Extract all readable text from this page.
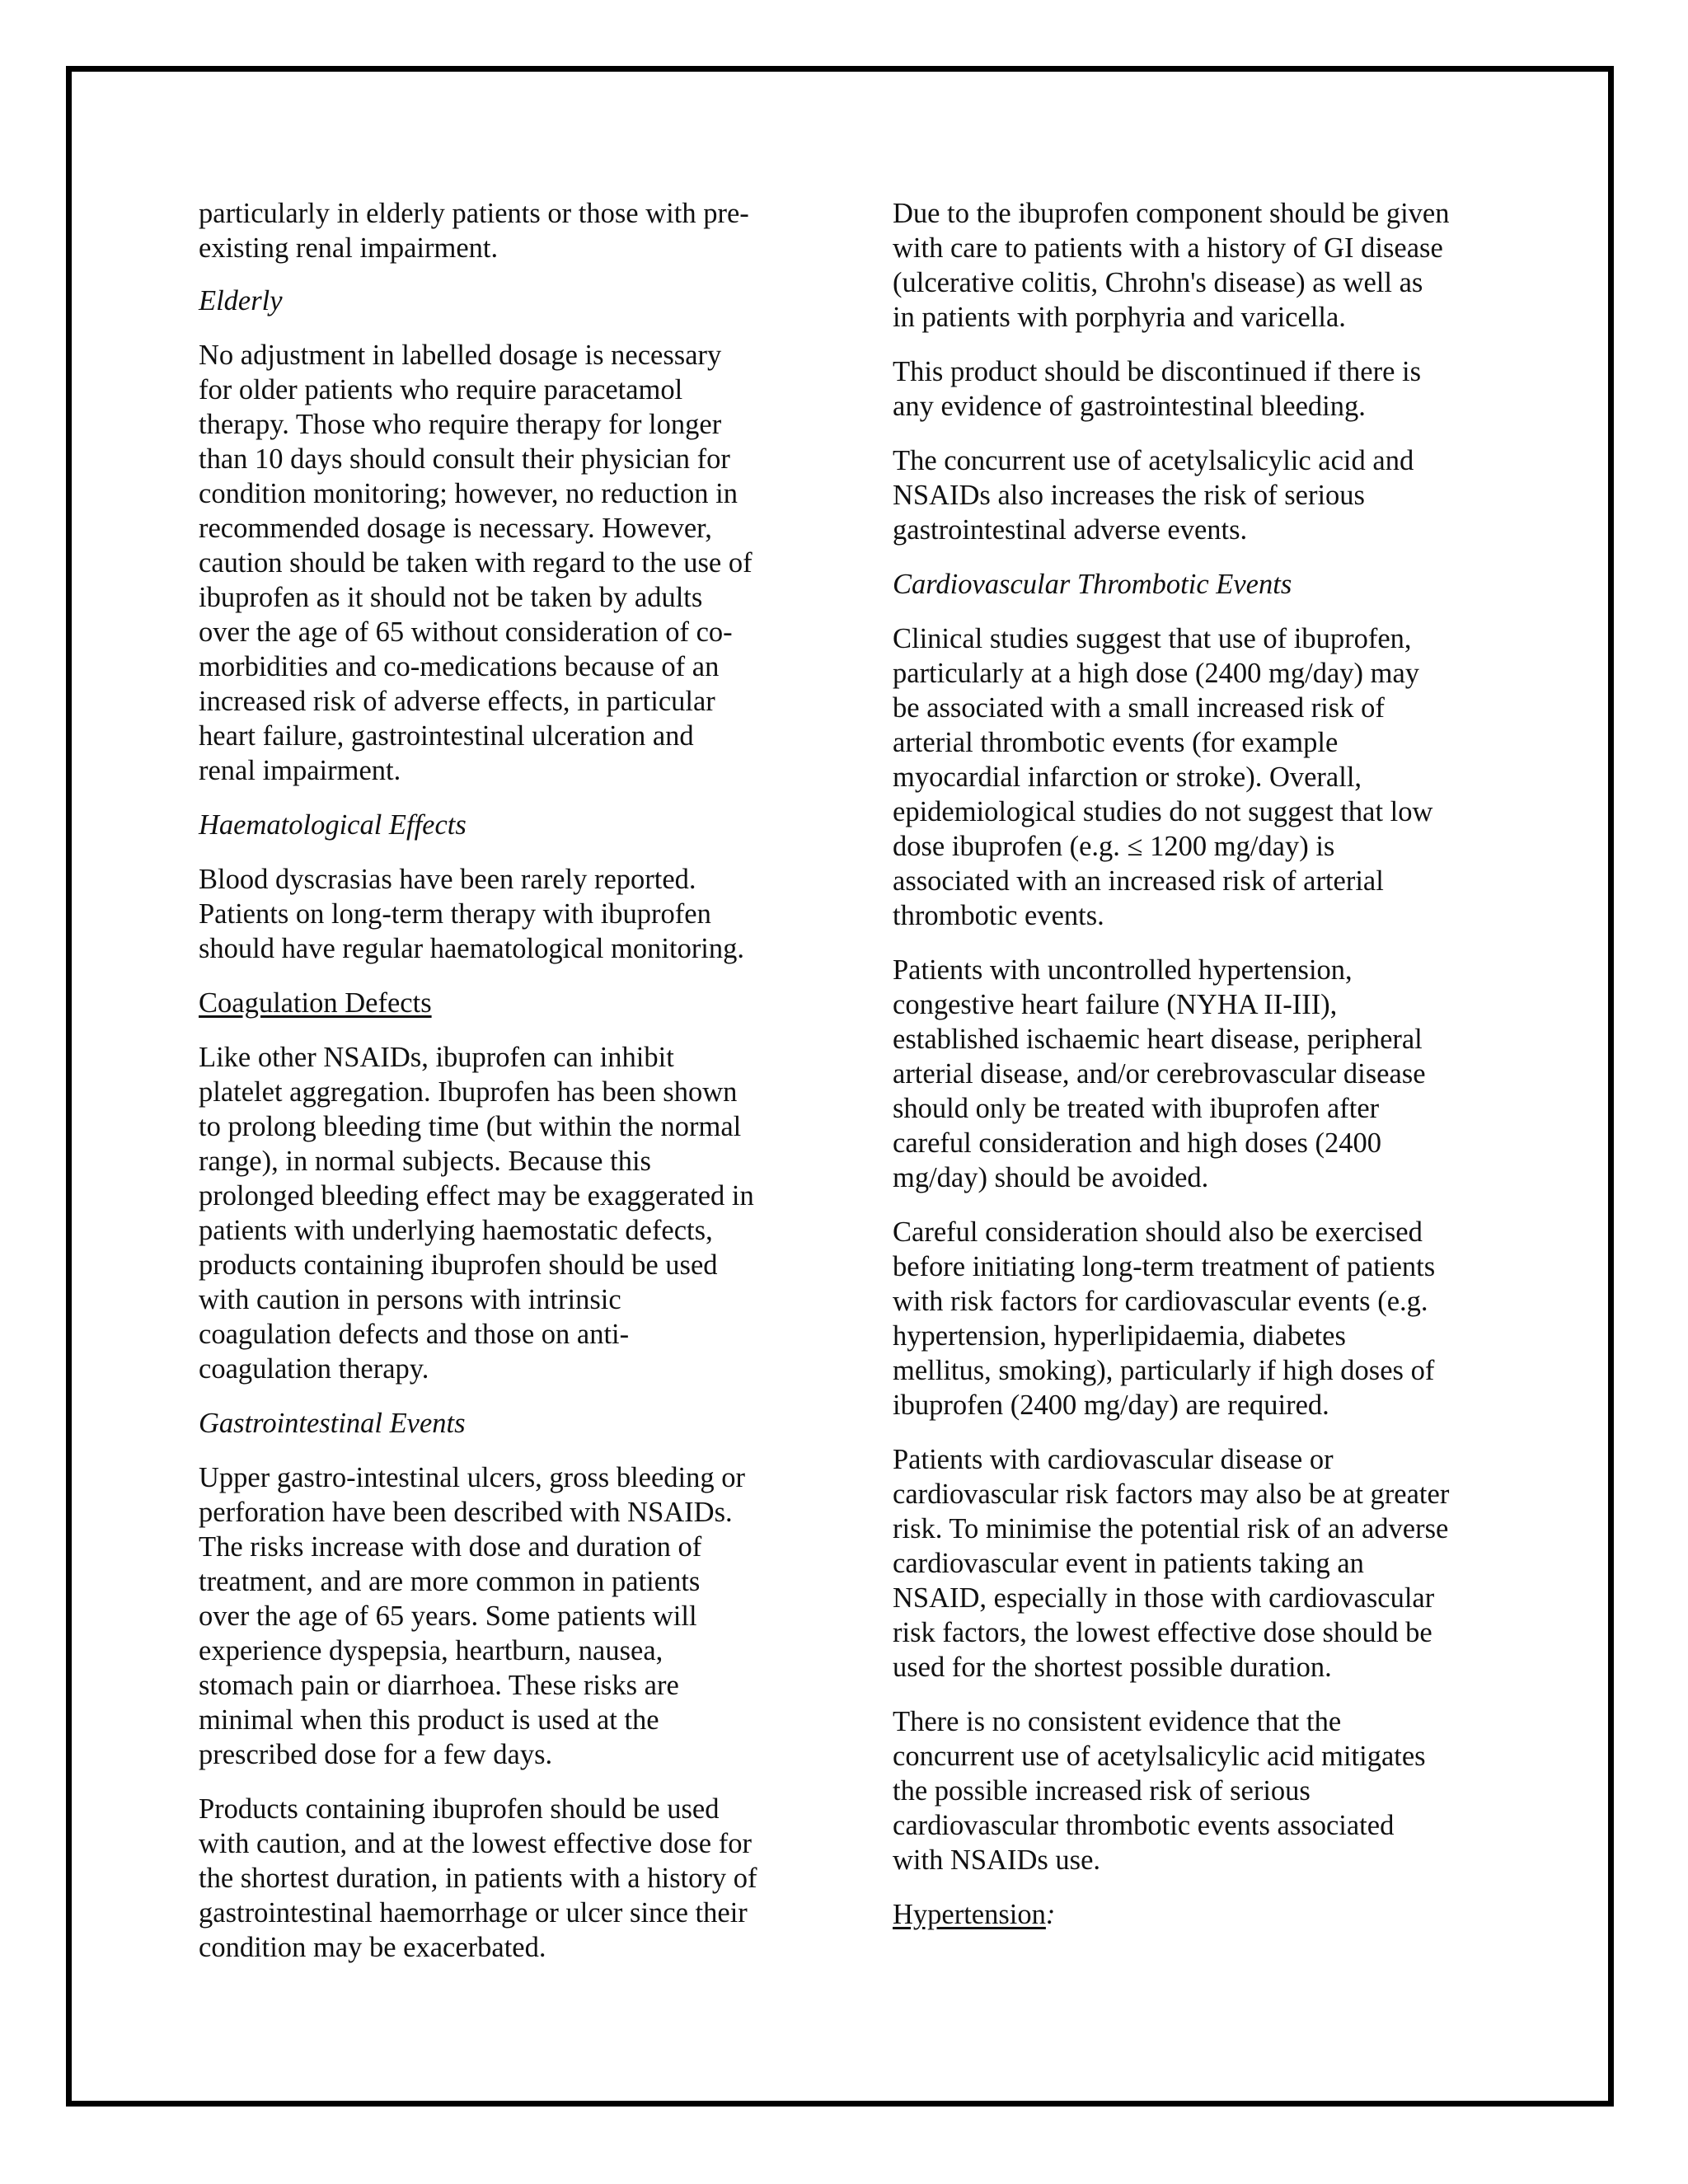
particularly in elderly patients or those with pre-
existing renal impairment.

Elderly

No adjustment in labelled dosage is necessary
for older patients who require paracetamol
therapy. Those who require therapy for longer
than 10 days should consult their physician for
condition monitoring; however, no reduction in
recommended dosage is necessary. However,
caution should be taken with regard to the use of
ibuprofen as it should not be taken by adults
over the age of 65 without consideration of co-
morbidities and co-medications because of an
increased risk of adverse effects, in particular
heart failure, gastrointestinal ulceration and
renal impairment.

Haematological Effects

Blood dyscrasias have been rarely reported.
Patients on long-term therapy with ibuprofen
should have regular haematological monitoring.

Coagulation Defects

Like other NSAIDs, ibuprofen can inhibit
platelet aggregation. Ibuprofen has been shown
to prolong bleeding time (but within the normal
range), in normal subjects. Because this
prolonged bleeding effect may be exaggerated in
patients with underlying haemostatic defects,
products containing ibuprofen should be used
with caution in persons with intrinsic
coagulation defects and those on anti-
coagulation therapy.

Gastrointestinal Events

Upper gastro-intestinal ulcers, gross bleeding or
perforation have been described with NSAIDs.
The risks increase with dose and duration of
treatment, and are more common in patients
over the age of 65 years. Some patients will
experience dyspepsia, heartburn, nausea,
stomach pain or diarrhoea. These risks are
minimal when this product is used at the
prescribed dose for a few days.

Products containing ibuprofen should be used
with caution, and at the lowest effective dose for
the shortest duration, in patients with a history of
gastrointestinal haemorrhage or ulcer since their
condition may be exacerbated.

Due to the ibuprofen component should be given
with care to patients with a history of GI disease
(ulcerative colitis, Chrohn's disease) as well as
in patients with porphyria and varicella.

This product should be discontinued if there is
any evidence of gastrointestinal bleeding.

The concurrent use of acetylsalicylic acid and
NSAIDs also increases the risk of serious
gastrointestinal adverse events.

Cardiovascular Thrombotic Events

Clinical studies suggest that use of ibuprofen,
particularly at a high dose (2400 mg/day) may
be associated with a small increased risk of
arterial thrombotic events (for example
myocardial infarction or stroke). Overall,
epidemiological studies do not suggest that low
dose ibuprofen (e.g. ≤ 1200 mg/day) is
associated with an increased risk of arterial
thrombotic events.

Patients with uncontrolled hypertension,
congestive heart failure (NYHA II-III),
established ischaemic heart disease, peripheral
arterial disease, and/or cerebrovascular disease
should only be treated with ibuprofen after
careful consideration and high doses (2400
mg/day) should be avoided.

Careful consideration should also be exercised
before initiating long-term treatment of patients
with risk factors for cardiovascular events (e.g.
hypertension, hyperlipidaemia, diabetes
mellitus, smoking), particularly if high doses of
ibuprofen (2400 mg/day) are required.

Patients with cardiovascular disease or
cardiovascular risk factors may also be at greater
risk. To minimise the potential risk of an adverse
cardiovascular event in patients taking an
NSAID, especially in those with cardiovascular
risk factors, the lowest effective dose should be
used for the shortest possible duration.

There is no consistent evidence that the
concurrent use of acetylsalicylic acid mitigates
the possible increased risk of serious
cardiovascular thrombotic events associated
with NSAIDs use.

Hypertension:
